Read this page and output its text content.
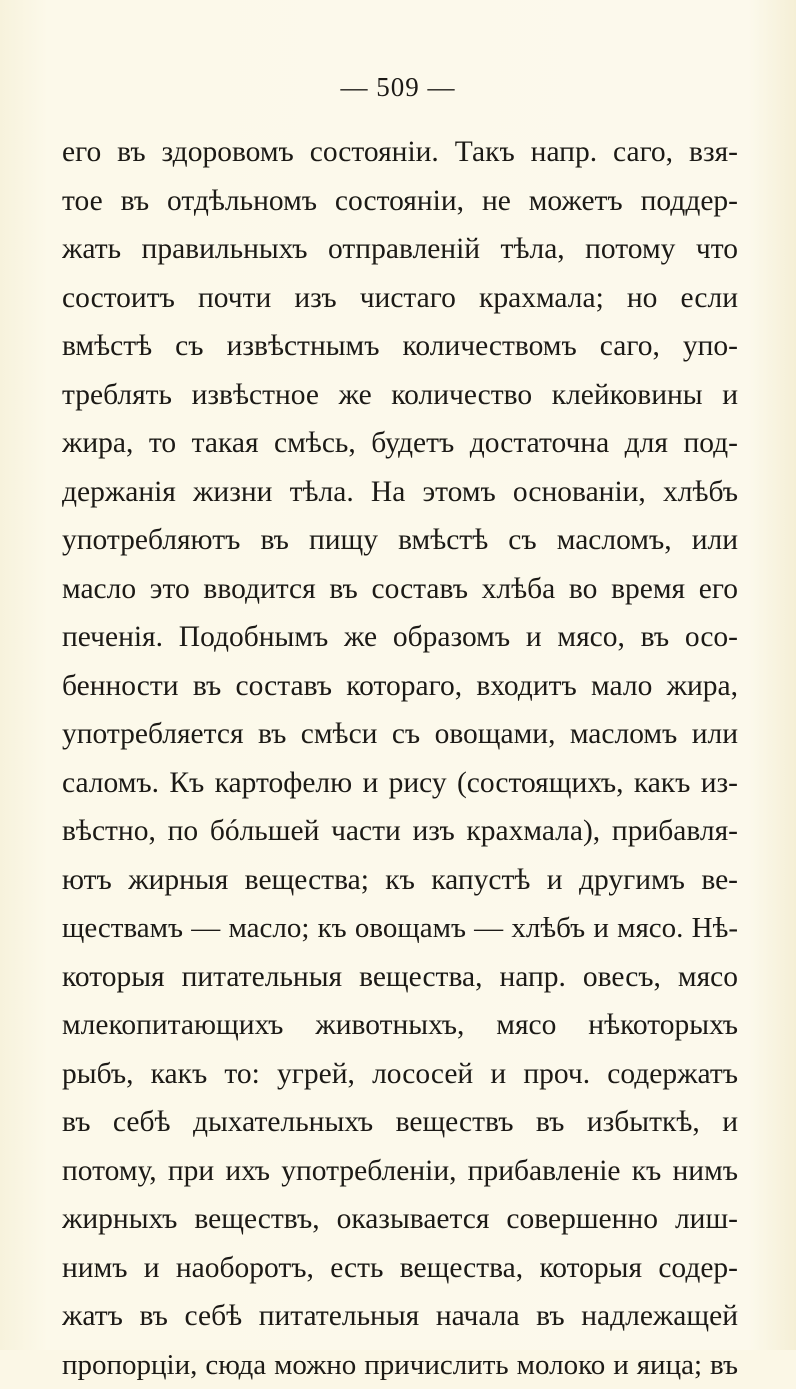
— 509 —
его въ здоровомъ состояніи. Такъ напр. саго, взя-
тое въ отдѣльномъ состояніи, не можетъ поддер-
жать правильныхъ отправленій тѣла, потому что
состоитъ почти изъ чистаго крахмала; но если
вмѣстѣ съ извѣстнымъ количествомъ саго, упо-
треблять извѣстное же количество клейковины и
жира, то такая смѣсь, будетъ достаточна для под-
держанія жизни тѣла. На этомъ основаніи, хлѣбъ
употребляютъ въ пищу вмѣстѣ съ масломъ, или
масло это вводится въ составъ хлѣба во время его
печенія. Подобнымъ же образомъ и мясо, въ осо-
бенности въ составъ котораго, входитъ мало жира,
употребляется въ смѣси съ овощами, масломъ или
саломъ. Къ картофелю и рису (состоящихъ, какъ из-
вѣстно, по бóльшей части изъ крахмала), прибавля-
ютъ жирныя вещества; къ капустѣ и другимъ ве-
ществамъ — масло; къ овощамъ — хлѣбъ и мясо. Нѣ-
которыя питательныя вещества, напр. овесъ, мясо
млекопитающихъ животныхъ, мясо нѣкоторыхъ
рыбъ, какъ то: угрей, лососей и проч. содержатъ
въ себѣ дыхательныхъ веществъ въ избыткѣ, и
потому, при ихъ употребленіи, прибавленіе къ нимъ
жирныхъ веществъ, оказывается совершенно лиш-
нимъ и наоборотъ, есть вещества, которыя содер-
жатъ въ себѣ питательныя начала въ надлежащей
пропорціи, сюда можно причислить молоко и яица; въ
